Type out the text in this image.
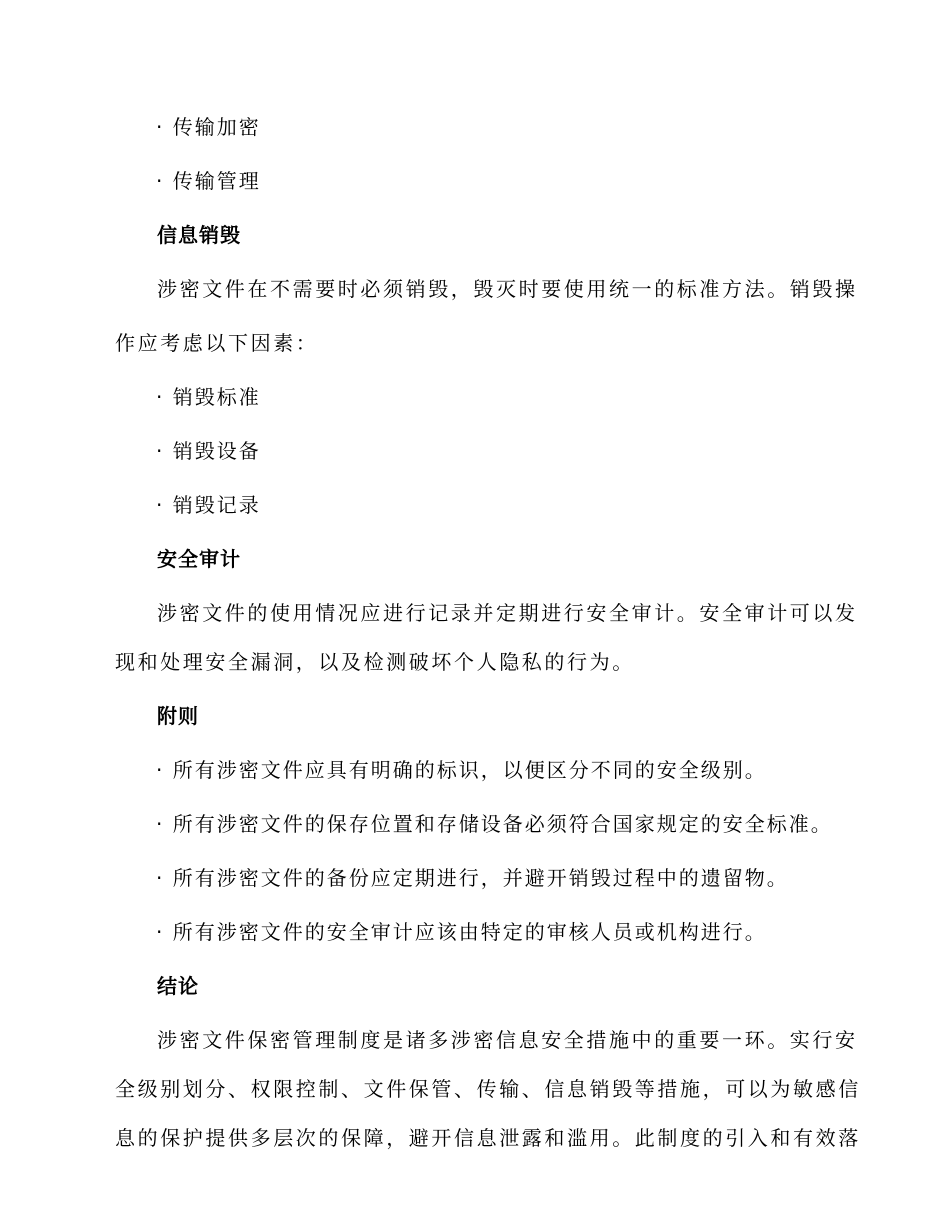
· 传输加密

· 传输管理

信息销毁

涉密文件在不需要时必须销毁，毁灭时要使用统一的标准方法。销毁操

作应考虑以下因素：

· 销毁标准

· 销毁设备

· 销毁记录

安全审计

涉密文件的使用情况应进行记录并定期进行安全审计。安全审计可以发

现和处理安全漏洞，以及检测破坏个人隐私的行为。

附则

· 所有涉密文件应具有明确的标识，以便区分不同的安全级别。

· 所有涉密文件的保存位置和存储设备必须符合国家规定的安全标准。

· 所有涉密文件的备份应定期进行，并避开销毁过程中的遗留物。

· 所有涉密文件的安全审计应该由特定的审核人员或机构进行。

结论

涉密文件保密管理制度是诸多涉密信息安全措施中的重要一环。实行安

全级别划分、权限控制、文件保管、传输、信息销毁等措施，可以为敏感信

息的保护提供多层次的保障，避开信息泄露和滥用。此制度的引入和有效落
